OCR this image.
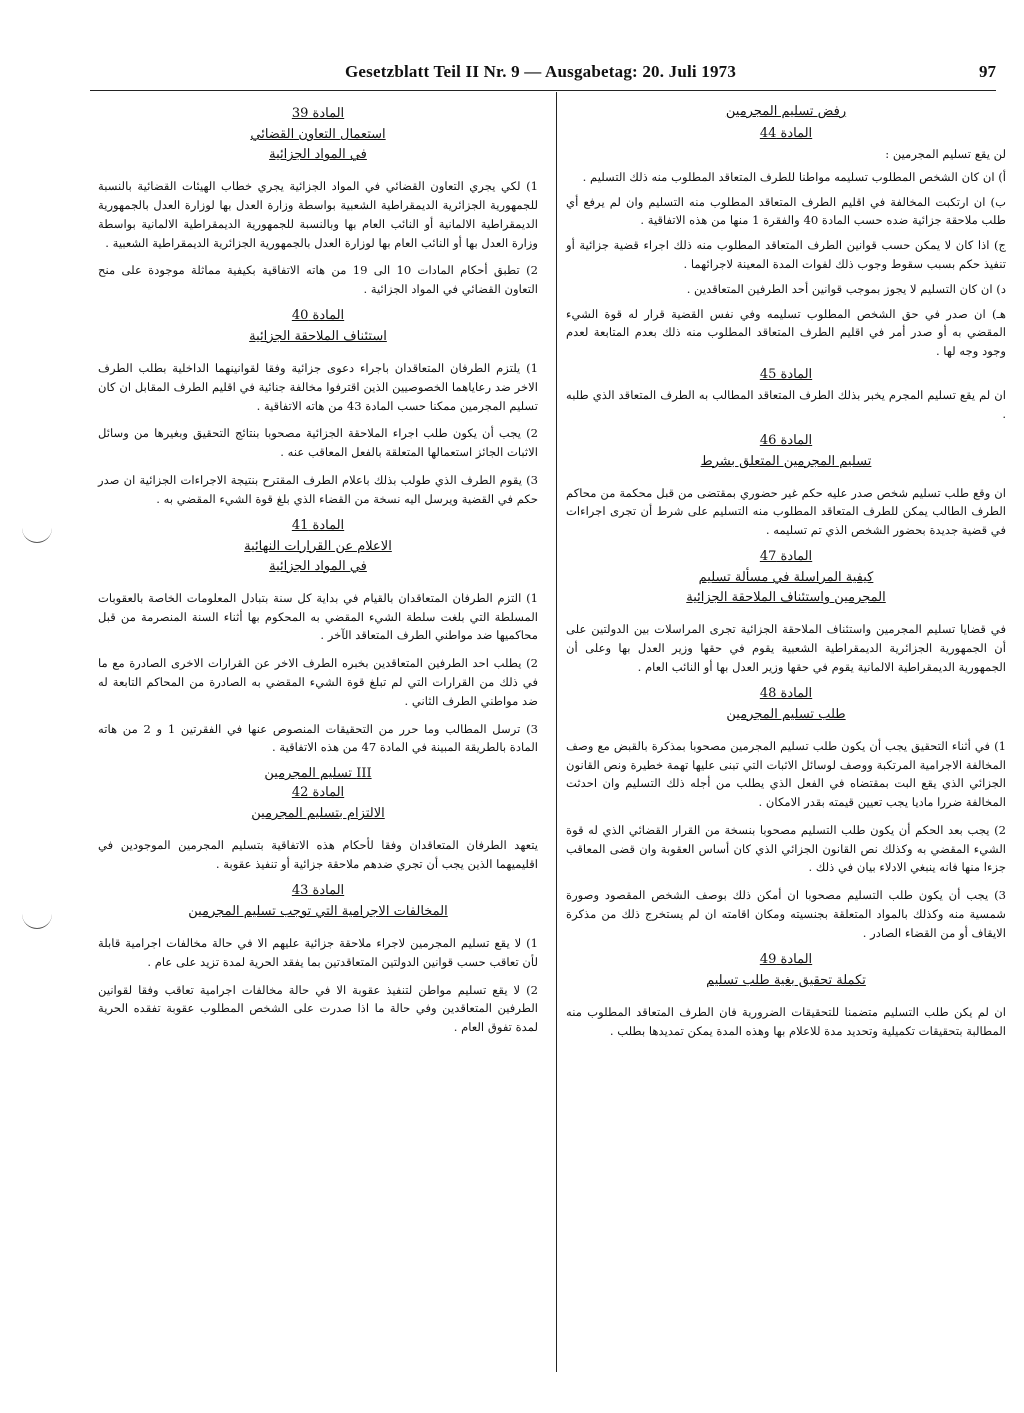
Gesetzblatt Teil II Nr. 9 — Ausgabetag: 20. Juli 1973	97
المادة 39
استعمال التعاون القضائي
في المواد الجزائية

1) لكي يجري التعاون القضائي في المواد الجزائية يجري خطاب الهيئات القضائية بالنسبة للجمهورية الجزائرية الديمقراطية الشعبية بواسطة وزارة العدل بها لوزارة العدل بالجمهورية الديمقراطية الالمانية أو النائب العام بها وبالنسبة للجمهورية الديمقراطية الالمانية بواسطة وزارة العدل بها أو النائب العام بها لوزارة العدل بالجمهورية الجزائرية الديمقراطية الشعبية .

2) تطبق أحكام المادات 10 الى 19 من هاته الاتفاقية بكيفية مماثلة موجودة على منح التعاون القضائي في المواد الجزائية .

المادة 40
استئناف الملاحقة الجزائية

1) يلتزم الطرفان المتعاقدان باجراء دعوى جزائية وفقا لقوانينهما الداخلية بطلب الطرف الاخر ضد رعاياهما الخصوصيين الذين اقترفوا مخالفة جنائية في اقليم الطرف المقابل ان كان تسليم المجرمين ممكنا حسب المادة 43 من هاته الاتفاقية .

2) يجب أن يكون طلب اجراء الملاحقة الجزائية مصحوبا بنتائج التحقيق وبغيرها من وسائل الاثبات الجائز استعمالها المتعلقة بالفعل المعاقب عنه .

3) يقوم الطرف الذي طولب بذلك باعلام الطرف المقترح بنتيجة الاجراءات الجزائية ان صدر حكم في القضية ويرسل اليه نسخة من القضاء الذي بلغ قوة الشيء المقضي به .

المادة 41
الاعلام عن القرارات النهائية
في المواد الجزائية

1) التزم الطرفان المتعاقدان بالقيام في بداية كل سنة بتبادل المعلومات الخاصة بالعقوبات المسلطة التي بلغت سلطة الشيء المقضي به المحكوم بها أثناء السنة المنصرمة من قبل محاكميها ضد مواطني الطرف المتعاقد الآخر .

2) يطلب احد الطرفين المتعاقدين بخبره الطرف الاخر عن القرارات الاخرى الصادرة مع ما في ذلك من القرارات التي لم تبلغ قوة الشيء المقضي به الصادرة من المحاكم التابعة له ضد مواطني الطرف الثاني .

3) ترسل المطالب وما حرر من التحقيقات المنصوص عنها في الفقرتين 1 و 2 من هاته المادة بالطريقة المبينة في المادة 47 من هذه الاتفاقية .

III تسليم المجرمين
المادة 42
الالتزام بتسليم المجرمين

يتعهد الطرفان المتعاقدان وفقا لأحكام هذه الاتفاقية بتسليم المجرمين الموجودين في اقليميهما الذين يجب أن تجري ضدهم ملاحقة جزائية أو تنفيذ عقوبة .

المادة 43
المخالفات الاجرامية التي توجب تسليم المجرمين

1) لا يقع تسليم المجرمين لاجراء ملاحقة جزائية عليهم الا في حالة مخالفات اجرامية قابلة لأن تعاقب حسب قوانين الدولتين المتعاقدتين بما يفقد الحرية لمدة تزيد على عام .

2) لا يقع تسليم مواطن لتنفيذ عقوبة الا في حالة مخالفات اجرامية تعاقب وفقا لقوانين الطرفين المتعاقدين وفي حالة ما اذا صدرت على الشخص المطلوب عقوبة تفقده الحرية لمدة تفوق العام .

رفض تسليم المجرمين
المادة 44

لن يقع تسليم المجرمين :

أ) ان كان الشخص المطلوب تسليمه مواطنا للطرف المتعاقد المطلوب منه ذلك التسليم .

ب) ان ارتكبت المخالفة في اقليم الطرف المتعاقد المطلوب منه التسليم وان لم يرفع أي طلب ملاحقة جزائية ضده حسب المادة 40 والفقرة 1 منها من هذه الاتفاقية .

ج) اذا كان لا يمكن حسب قوانين الطرف المتعاقد المطلوب منه ذلك اجراء قضية جزائية أو تنفيذ حكم بسبب سقوط وجوب ذلك لفوات المدة المعينة لاجرائهما .

د) ان كان التسليم لا يجوز بموجب قوانين أحد الطرفين المتعاقدين .

هـ) ان صدر في حق الشخص المطلوب تسليمه وفي نفس القضية قرار له قوة الشيء المقضي به أو صدر أمر في اقليم الطرف المتعاقد المطلوب منه ذلك بعدم المتابعة لعدم وجود وجه لها .

المادة 45

ان لم يقع تسليم المجرم يخبر بذلك الطرف المتعاقد المطالب به الطرف المتعاقد الذي طلبه .

المادة 46
تسليم المجرمين المتعلق بشرط

ان وقع طلب تسليم شخص صدر عليه حكم غير حضوري بمقتضى من قبل محكمة من محاكم الطرف الطالب يمكن للطرف المتعاقد المطلوب منه التسليم على شرط أن تجرى اجراءات في قضية جديدة بحضور الشخص الذي تم تسليمه .

المادة 47
كيفية المراسلة في مسألة تسليم
المجرمين واستئناف الملاحقة الجزائية

في قضايا تسليم المجرمين واستئناف الملاحقة الجزائية تجرى المراسلات بين الدولتين على أن الجمهورية الجزائرية الديمقراطية الشعبية يقوم في حقها وزير العدل بها وعلى أن الجمهورية الديمقراطية الالمانية يقوم في حقها وزير العدل بها أو النائب العام .

المادة 48
طلب تسليم المجرمين

1) في أثناء التحقيق يجب أن يكون طلب تسليم المجرمين مصحوبا بمذكرة بالقبض مع وصف المخالفة الاجرامية المرتكبة ووصف لوسائل الاثبات التي تبنى عليها تهمة خطيرة ونص القانون الجزائي الذي يقع البت بمقتضاه في الفعل الذي يطلب من أجله ذلك التسليم وان احدثت المخالفة ضررا ماديا يجب تعيين قيمته بقدر الامكان .

2) يجب بعد الحكم أن يكون طلب التسليم مصحوبا بنسخة من القرار القضائي الذي له قوة الشيء المقضي به وكذلك نص القانون الجزائي الذي كان أساس العقوبة وان قضى المعاقب جزءا منها فانه ينبغي الادلاء بيان في ذلك .

3) يجب أن يكون طلب التسليم مصحوبا ان أمكن ذلك بوصف الشخص المقصود وصورة شمسية منه وكذلك بالمواد المتعلقة بجنسيته ومكان اقامته ان لم يستخرج ذلك من مذكرة الايقاف أو من القضاء الصادر .

المادة 49
تكملة تحقيق بغية طلب تسليم

ان لم يكن طلب التسليم متضمنا للتحقيقات الضرورية فان الطرف المتعاقد المطلوب منه المطالبة بتحقيقات تكميلية وتحديد مدة للاعلام بها وهذه المدة يمكن تمديدها بطلب .
